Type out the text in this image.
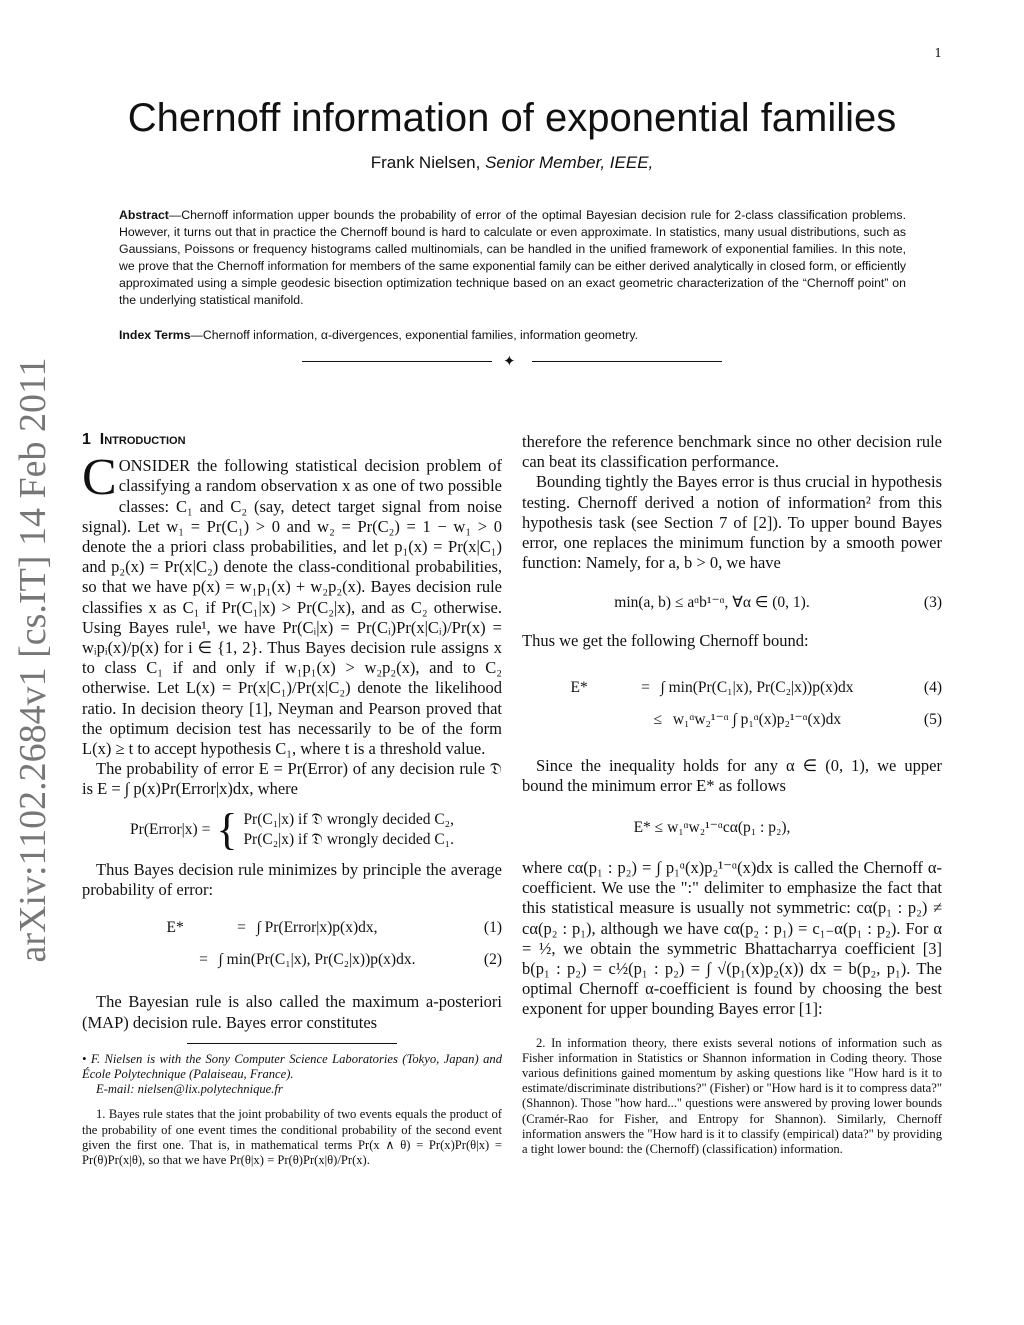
1
arXiv:1102.2684v1 [cs.IT] 14 Feb 2011
Chernoff information of exponential families
Frank Nielsen, Senior Member, IEEE,
Abstract—Chernoff information upper bounds the probability of error of the optimal Bayesian decision rule for 2-class classification problems. However, it turns out that in practice the Chernoff bound is hard to calculate or even approximate. In statistics, many usual distributions, such as Gaussians, Poissons or frequency histograms called multinomials, can be handled in the unified framework of exponential families. In this note, we prove that the Chernoff information for members of the same exponential family can be either derived analytically in closed form, or efficiently approximated using a simple geodesic bisection optimization technique based on an exact geometric characterization of the “Chernoff point” on the underlying statistical manifold.
Index Terms—Chernoff information, α-divergences, exponential families, information geometry.
✦

1 Introduction

CONSIDER the following statistical decision problem of classifying a random observation x as one of two possible classes: C₁ and C₂ (say, detect target signal from noise signal). Let w₁ = Pr(C₁) > 0 and w₂ = Pr(C₂) = 1 − w₁ > 0 denote the a priori class probabilities, and let p₁(x) = Pr(x|C₁) and p₂(x) = Pr(x|C₂) denote the class-conditional probabilities, so that we have p(x) = w₁p₁(x) + w₂p₂(x). Bayes decision rule classifies x as C₁ if Pr(C₁|x) > Pr(C₂|x), and as C₂ otherwise. Using Bayes rule¹, we have Pr(Cᵢ|x) = Pr(Cᵢ)Pr(x|Cᵢ)/Pr(x) = wᵢpᵢ(x)/p(x) for i ∈ {1, 2}. Thus Bayes decision rule assigns x to class C₁ if and only if w₁p₁(x) > w₂p₂(x), and to C₂ otherwise. Let L(x) = Pr(x|C₁)/Pr(x|C₂) denote the likelihood ratio. In decision theory [1], Neyman and Pearson proved that the optimum decision test has necessarily to be of the form L(x) ≥ t to accept hypothesis C₁, where t is a threshold value.

The probability of error E = Pr(Error) of any decision rule 𝔇 is E = ∫ p(x)Pr(Error|x)dx, where

Pr(Error|x) = { Pr(C₁|x) if 𝔇 wrongly decided C₂,
Pr(C₂|x) if 𝔇 wrongly decided C₁.

Thus Bayes decision rule minimizes by principle the average probability of error:

E*	= ∫ Pr(Error|x)p(x)dx,	(1)
= ∫ min(Pr(C₁|x), Pr(C₂|x))p(x)dx.	(2)

The Bayesian rule is also called the maximum a-posteriori (MAP) decision rule. Bayes error constitutes

• F. Nielsen is with the Sony Computer Science Laboratories (Tokyo, Japan) and École Polytechnique (Palaiseau, France).
E-mail: nielsen@lix.polytechnique.fr

1. Bayes rule states that the joint probability of two events equals the product of the probability of one event times the conditional probability of the second event given the first one. That is, in mathematical terms Pr(x ∧ θ) = Pr(x)Pr(θ|x) = Pr(θ)Pr(x|θ), so that we have Pr(θ|x) = Pr(θ)Pr(x|θ)/Pr(x).

therefore the reference benchmark since no other decision rule can beat its classification performance.

Bounding tightly the Bayes error is thus crucial in hypothesis testing. Chernoff derived a notion of information² from this hypothesis task (see Section 7 of [2]). To upper bound Bayes error, one replaces the minimum function by a smooth power function: Namely, for a, b > 0, we have

min(a, b) ≤ aᵅb¹⁻ᵅ, ∀α ∈ (0, 1).	(3)

Thus we get the following Chernoff bound:

E*	= ∫ min(Pr(C₁|x), Pr(C₂|x))p(x)dx	(4)
≤ w₁ᵅw₂¹⁻ᵅ ∫ p₁ᵅ(x)p₂¹⁻ᵅ(x)dx	(5)

Since the inequality holds for any α ∈ (0, 1), we upper bound the minimum error E* as follows

E* ≤ w₁ᵅw₂¹⁻ᵅcα(p₁ : p₂),

where cα(p₁ : p₂) = ∫ p₁ᵅ(x)p₂¹⁻ᵅ(x)dx is called the Chernoff α-coefficient. We use the ":" delimiter to emphasize the fact that this statistical measure is usually not symmetric: cα(p₁ : p₂) ≠ cα(p₂ : p₁), although we have cα(p₂ : p₁) = c₁₋α(p₁ : p₂). For α = ½, we obtain the symmetric Bhattacharrya coefficient [3] b(p₁ : p₂) = c½(p₁ : p₂) = ∫ √(p₁(x)p₂(x)) dx = b(p₂, p₁). The optimal Chernoff α-coefficient is found by choosing the best exponent for upper bounding Bayes error [1]:

2. In information theory, there exists several notions of information such as Fisher information in Statistics or Shannon information in Coding theory. Those various definitions gained momentum by asking questions like "How hard is it to estimate/discriminate distributions?" (Fisher) or "How hard is it to compress data?" (Shannon). Those "how hard..." questions were answered by proving lower bounds (Cramér-Rao for Fisher, and Entropy for Shannon). Similarly, Chernoff information answers the "How hard is it to classify (empirical) data?" by providing a tight lower bound: the (Chernoff) (classification) information.
